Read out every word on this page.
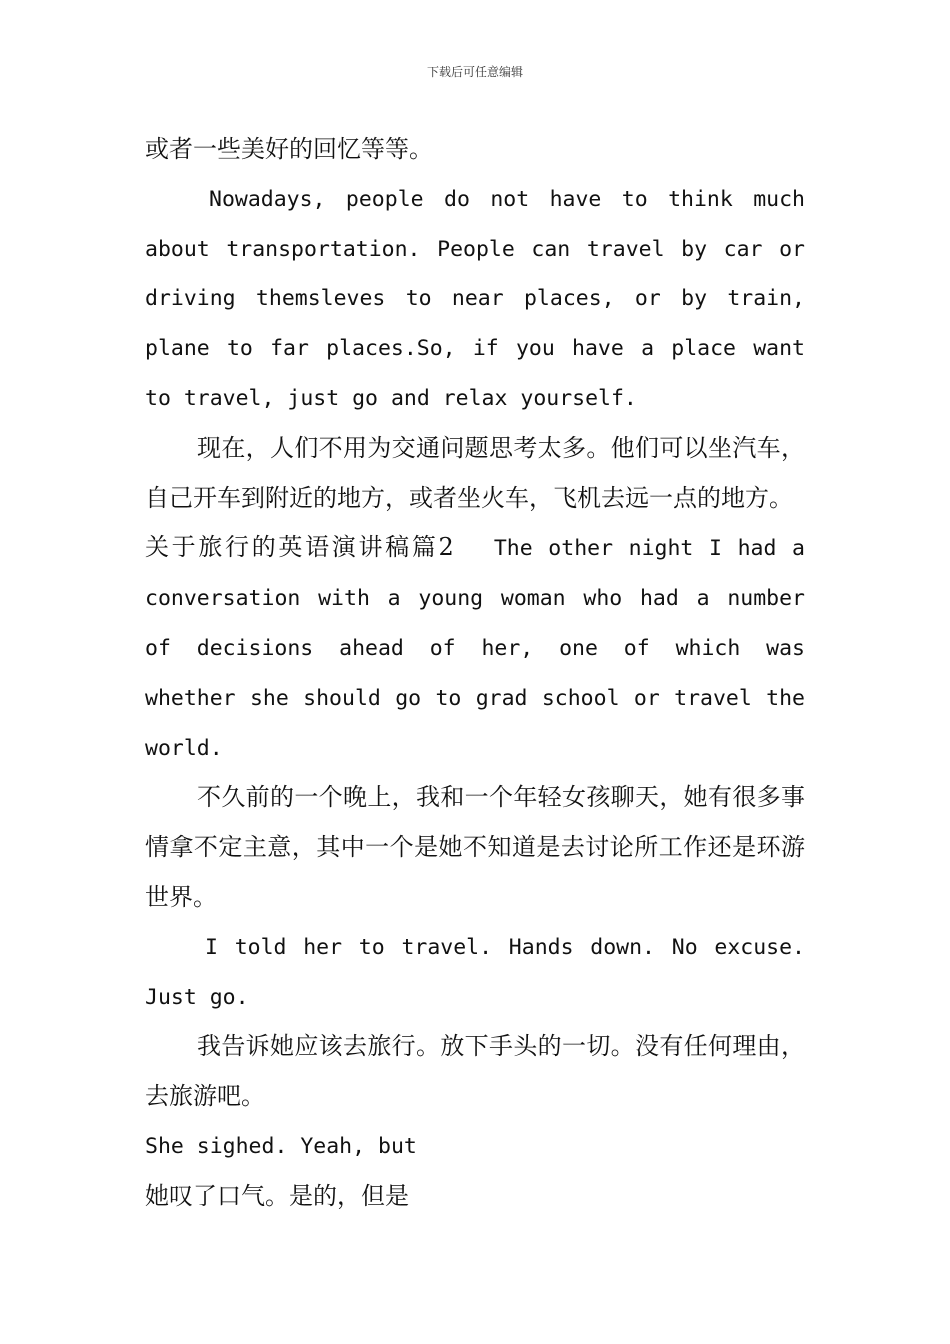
下载后可任意编辑

或者一些美好的回忆等等。

Nowadays, people do not have to think much about transportation. People can travel by car or driving themsleves to near places, or by train, plane to far places.So, if you have a place want to travel, just go and relax yourself.

现在，人们不用为交通问题思考太多。他们可以坐汽车，自己开车到附近的地方，或者坐火车，飞机去远一点的地方。

关于旅行的英语演讲稿篇2 The other night I had a conversation with a young woman who had a number of decisions ahead of her, one of which was whether she should go to grad school or travel the world.

不久前的一个晚上，我和一个年轻女孩聊天，她有很多事情拿不定主意，其中一个是她不知道是去讨论所工作还是环游世界。

I told her to travel. Hands down. No excuse. Just go.

我告诉她应该去旅行。放下手头的一切。没有任何理由，去旅游吧。

She sighed. Yeah, but

她叹了口气。是的，但是
